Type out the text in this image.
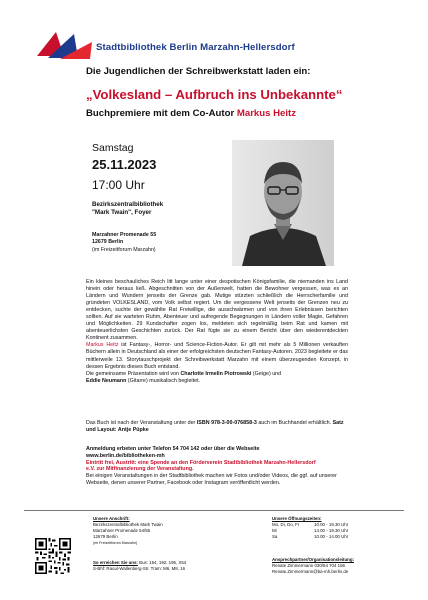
Stadtbibliothek Berlin Marzahn-Hellersdorf
Die Jugendlichen der Schreibwerkstatt laden ein:
„Volkesland – Aufbruch ins Unbekannte“
Buchpremiere mit dem Co-Autor Markus Heitz
Samstag
25.11.2023
17:00 Uhr
Bezirkszentralbibliothek
"Mark Twain", Foyer
Marzahner Promenade 55
12679 Berlin
(im Freizeitforum Marzahn)

Ein kleines beschauliches Reich litt lange unter einer despotischen Königsfamilie, die niemanden ins Land hinein oder heraus ließ. Abgeschnitten von der Außenwelt, hatten die Bewohner vergessen, was es an Ländern und Wundern jenseits der Grenze gab. Mutige stürzten schließlich die Herrscherfamilie und gründeten VOLKESLAND, vom Volk selbst regiert. Um die vergessene Welt jenseits der Grenzen neu zu entdecken, suchte der gewählte Rat Freiwillige, die ausschwärmen und von ihren Erlebnissen berichten sollten. Auf sie warteten Ruhm, Abenteuer und aufregende Begegnungen in Ländern voller Magie, Gefahren und Möglichkeiten. 29 Kundschafter zogen los, meldeten sich regelmäßig beim Rat und kamen mit abenteuerlichsten Geschichten zurück. Der Rat fügte sie zu einem Bericht über den wiederentdeckten Kontinent zusammen.

Markus Heitz ist Fantasy-, Horror- und Science-Fiction-Autor. Er gilt mit mehr als 5 Millionen verkauften Büchern allein in Deutschland als einer der erfolgreichsten deutschen Fantasy-Autoren. 2023 begleitete er das mittlerweile 13. Storytauschprojekt der Schreibwerkstatt Marzahn mit einem überzeugenden Konzept, in dessen Ergebnis dieses Buch entstand.

Die gemeinsame Präsentation wird von Charlotte Irmelin Piotrowski (Geige) und
Eddie Neumann (Gitarre) musikalisch begleitet.

Das Buch ist nach der Veranstaltung unter der ISBN 978-3-00-076858-3 auch im Buchhandel erhältlich. Satz und Layout: Antje Püpke
Anmeldung erbeten unter Telefon 54 704 142 oder über die Webseite
www.berlin.de/bibliotheken-mh
Eintritt frei, Austritt: eine Spende an den Förderverein Stadtbibliothek Marzahn-Hellersdorf
e.V. zur Mitfinanzierung der Veranstaltung.
Bei einigen Veranstaltungen in der Stadtbibliothek machen wir Fotos und/oder Videos, die ggf. auf unserer Webseite, denen unserer Partner, Facebook oder Instagram veröffentlicht werden.
Unsere Anschrift:
Bezirkszentralbibliothek Mark Twain
Marzahner Promenade 54/55
12679 Berlin
(im Freizeitforum Marzahn)
So erreichen Sie uns: Bus: 154, 192, 195, X54
S-Bhf: Raoul-Wallenberg-Str. Tram: M6, M8, 16
Unsere Öffnungszeiten:
Mo, Di, Do, Fr	10.00 - 19.30 Uhr
Mi	14.00 - 19.30 Uhr
Sa	10.00 - 14.00 Uhr
Ansprechpartner/Organisationsleitung:
Renate Zimmermann 030/54 704 156
Renate.Zimmermann@ba-mh.berlin.de
